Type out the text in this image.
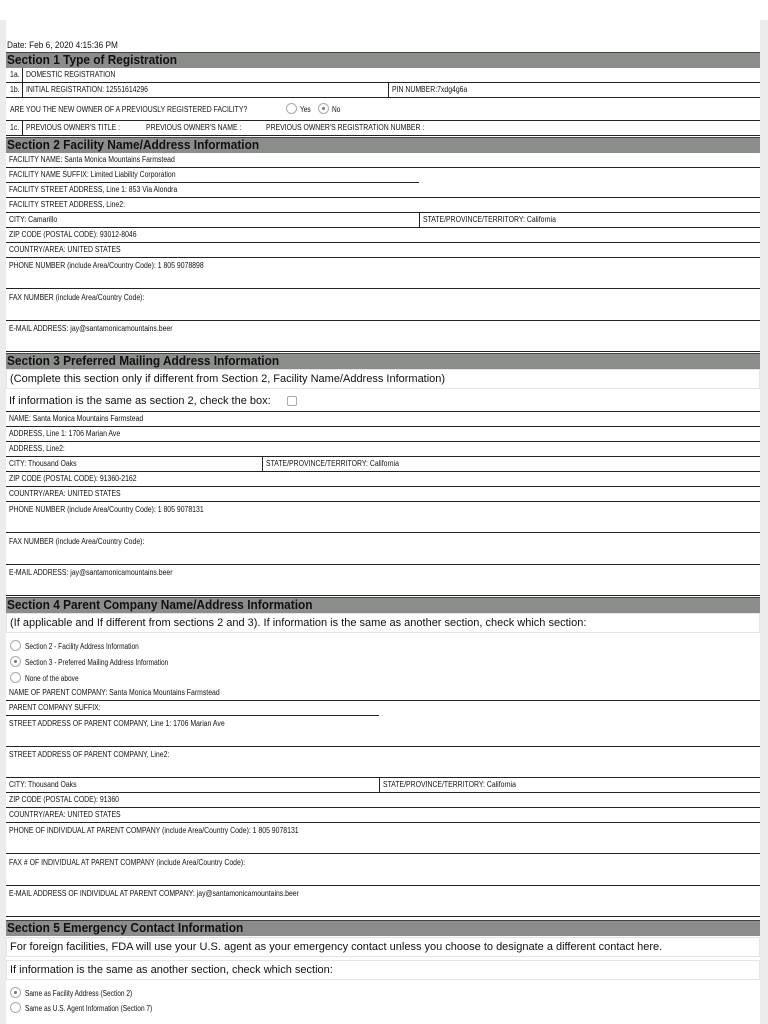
Date: Feb 6, 2020 4:15:36 PM
Section 1 Type of Registration
1a. DOMESTIC REGISTRATION
1b. INITIAL REGISTRATION: 12551614296	PIN NUMBER:7xdg4g6a
ARE YOU THE NEW OWNER OF A PREVIOUSLY REGISTERED FACILITY?	Yes	No
1c. PREVIOUS OWNER'S TITLE :	PREVIOUS OWNER'S NAME :	PREVIOUS OWNER'S REGISTRATION NUMBER :
Section 2 Facility Name/Address Information
FACILITY NAME: Santa Monica Mountains Farmstead
FACILITY NAME SUFFIX: Limited Liability Corporation
FACILITY STREET ADDRESS, Line 1: 853 Via Alondra
FACILITY STREET ADDRESS, Line2:
CITY: Camarillo	STATE/PROVINCE/TERRITORY: California
ZIP CODE (POSTAL CODE): 93012-8046
COUNTRY/AREA: UNITED STATES
PHONE NUMBER (include Area/Country Code): 1 805 9078898
FAX NUMBER (include Area/Country Code):
E-MAIL ADDRESS: jay@santamonicamountains.beer
Section 3 Preferred Mailing Address Information
(Complete this section only if different from Section 2, Facility Name/Address Information)
If information is the same as section 2, check the box:
NAME: Santa Monica Mountains Farmstead
ADDRESS, Line 1: 1706 Marian Ave
ADDRESS, Line2:
CITY: Thousand Oaks	STATE/PROVINCE/TERRITORY: California
ZIP CODE (POSTAL CODE): 91360-2162
COUNTRY/AREA: UNITED STATES
PHONE NUMBER (include Area/Country Code): 1 805 9078131
FAX NUMBER (include Area/Country Code):
E-MAIL ADDRESS: jay@santamonicamountains.beer
Section 4 Parent Company Name/Address Information
(If applicable and If different from sections 2 and 3). If information is the same as another section, check which section:
Section 2 - Facility Address Information
Section 3 - Preferred Mailing Address Information
None of the above
NAME OF PARENT COMPANY: Santa Monica Mountains Farmstead
PARENT COMPANY SUFFIX:
STREET ADDRESS OF PARENT COMPANY, Line 1: 1706 Marian Ave
STREET ADDRESS OF PARENT COMPANY, Line2:
CITY: Thousand Oaks	STATE/PROVINCE/TERRITORY: California
ZIP CODE (POSTAL CODE): 91360
COUNTRY/AREA: UNITED STATES
PHONE OF INDIVIDUAL AT PARENT COMPANY (include Area/Country Code): 1 805 9078131
FAX # OF INDIVIDUAL AT PARENT COMPANY (include Area/Country Code):
E-MAIL ADDRESS OF INDIVIDUAL AT PARENT COMPANY: jay@santamonicamountains.beer
Section 5 Emergency Contact Information
For foreign facilities, FDA will use your U.S. agent as your emergency contact unless you choose to designate a different contact here.
If information is the same as another section, check which section:
Same as Facility Address (Section 2)
Same as U.S. Agent Information (Section 7)
